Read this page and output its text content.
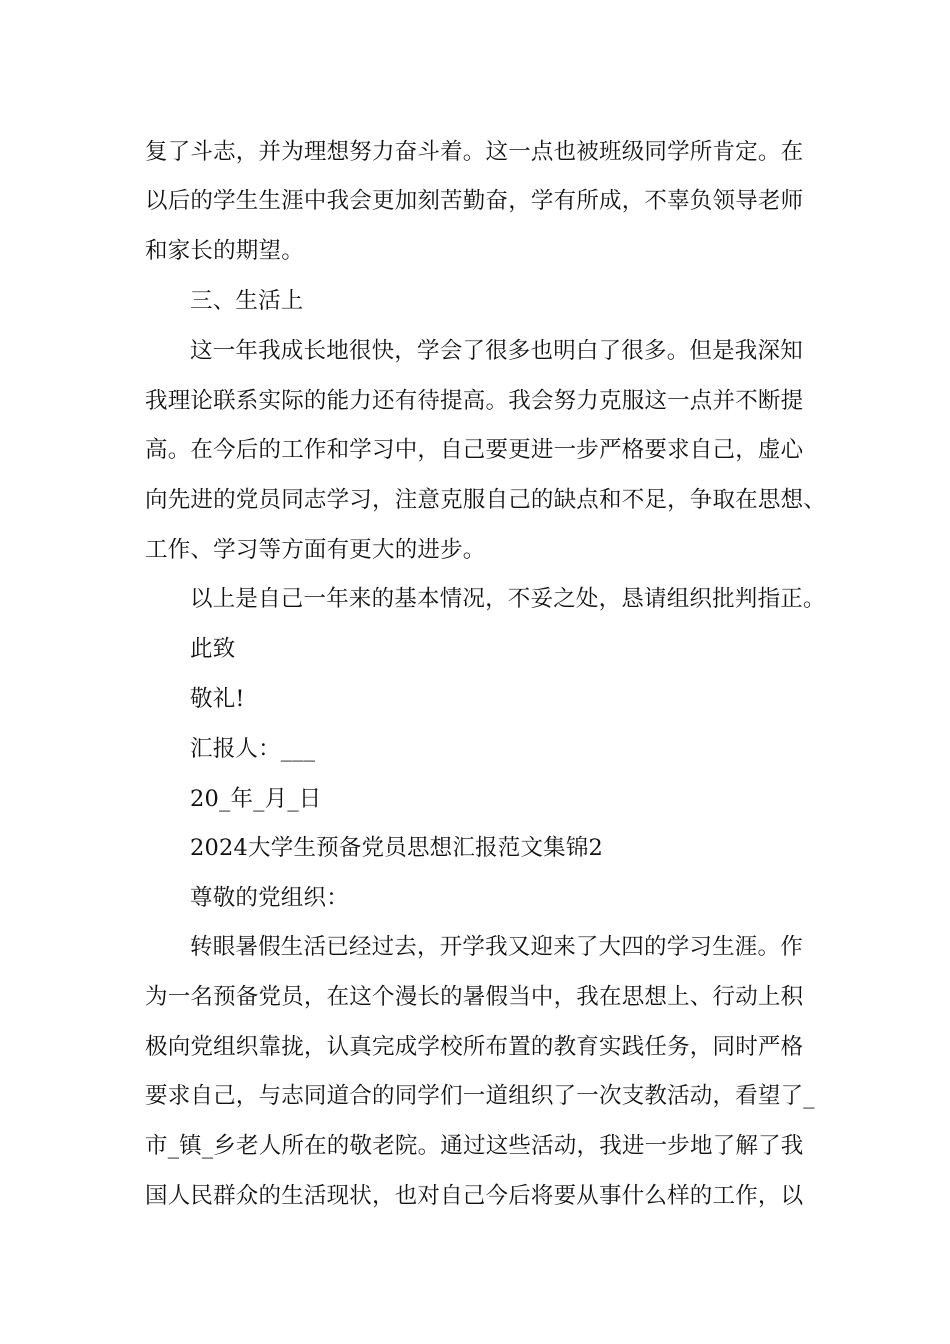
复了斗志，并为理想努力奋斗着。这一点也被班级同学所肯定。在
以后的学生生涯中我会更加刻苦勤奋，学有所成，不辜负领导老师
和家长的期望。
三、生活上
这一年我成长地很快，学会了很多也明白了很多。但是我深知
我理论联系实际的能力还有待提高。我会努力克服这一点并不断提
高。在今后的工作和学习中，自己要更进一步严格要求自己，虚心
向先进的党员同志学习，注意克服自己的缺点和不足，争取在思想、
工作、学习等方面有更大的进步。
以上是自己一年来的基本情况，不妥之处，恳请组织批判指正。
此致
敬礼!
汇报人：___
20_年_月_日
2024大学生预备党员思想汇报范文集锦2
尊敬的党组织：
转眼暑假生活已经过去，开学我又迎来了大四的学习生涯。作
为一名预备党员，在这个漫长的暑假当中，我在思想上、行动上积
极向党组织靠拢，认真完成学校所布置的教育实践任务，同时严格
要求自己，与志同道合的同学们一道组织了一次支教活动，看望了_
市_镇_乡老人所在的敬老院。通过这些活动，我进一步地了解了我
国人民群众的生活现状，也对自己今后将要从事什么样的工作，以
